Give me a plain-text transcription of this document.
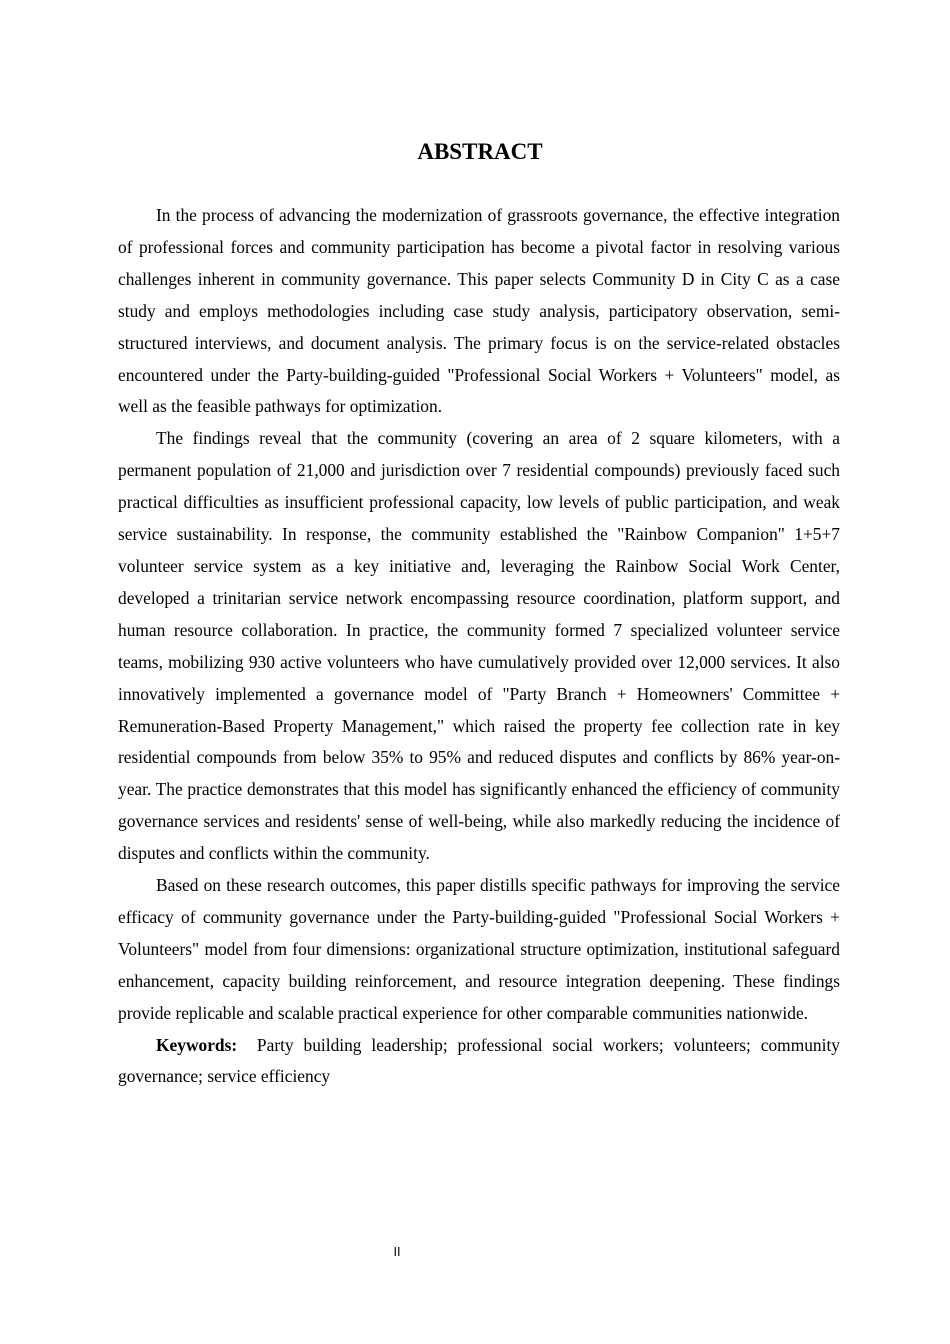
ABSTRACT

In the process of advancing the modernization of grassroots governance, the effective integration of professional forces and community participation has become a pivotal factor in resolving various challenges inherent in community governance. This paper selects Community D in City C as a case study and employs methodologies including case study analysis, participatory observation, semi-structured interviews, and document analysis. The primary focus is on the service-related obstacles encountered under the Party-building-guided "Professional Social Workers + Volunteers" model, as well as the feasible pathways for optimization.

The findings reveal that the community (covering an area of 2 square kilometers, with a permanent population of 21,000 and jurisdiction over 7 residential compounds) previously faced such practical difficulties as insufficient professional capacity, low levels of public participation, and weak service sustainability. In response, the community established the "Rainbow Companion" 1+5+7 volunteer service system as a key initiative and, leveraging the Rainbow Social Work Center, developed a trinitarian service network encompassing resource coordination, platform support, and human resource collaboration. In practice, the community formed 7 specialized volunteer service teams, mobilizing 930 active volunteers who have cumulatively provided over 12,000 services. It also innovatively implemented a governance model of "Party Branch + Homeowners' Committee + Remuneration-Based Property Management," which raised the property fee collection rate in key residential compounds from below 35% to 95% and reduced disputes and conflicts by 86% year-on-year. The practice demonstrates that this model has significantly enhanced the efficiency of community governance services and residents' sense of well-being, while also markedly reducing the incidence of disputes and conflicts within the community.

Based on these research outcomes, this paper distills specific pathways for improving the service efficacy of community governance under the Party-building-guided "Professional Social Workers + Volunteers" model from four dimensions: organizational structure optimization, institutional safeguard enhancement, capacity building reinforcement, and resource integration deepening. These findings provide replicable and scalable practical experience for other comparable communities nationwide.

Keywords: Party building leadership; professional social workers; volunteers; community governance; service efficiency

II
